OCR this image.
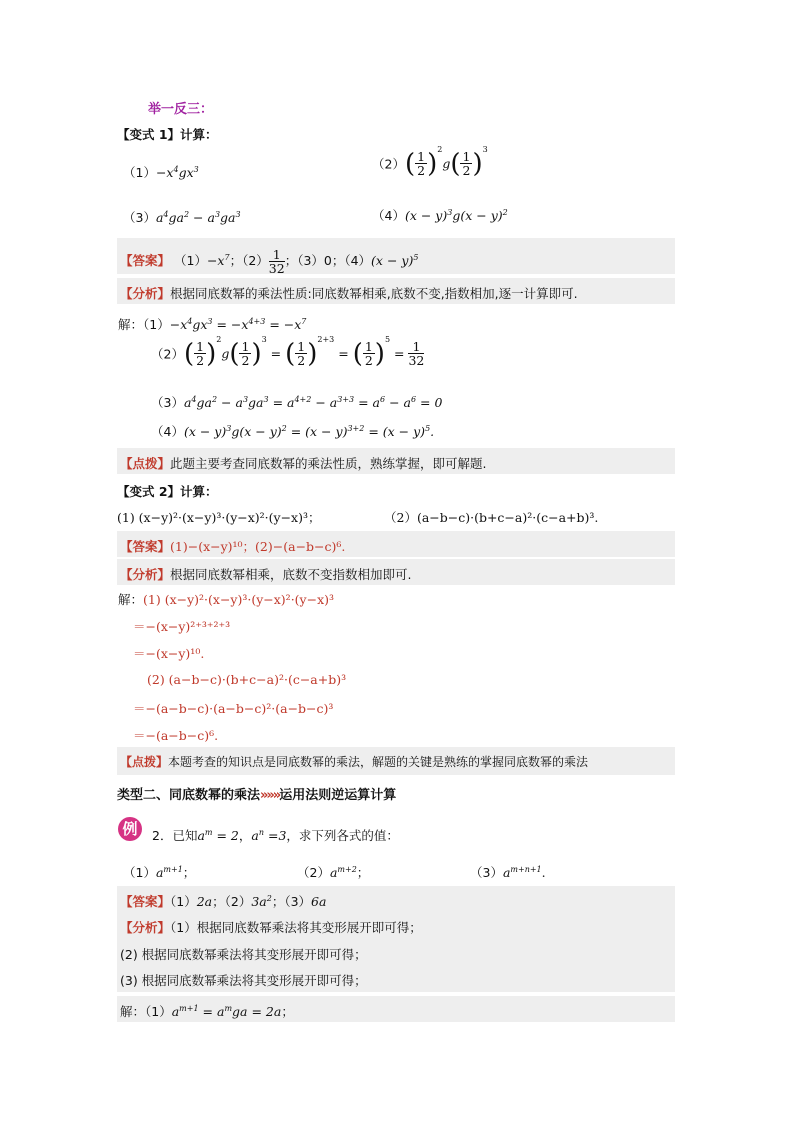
举一反三：
【变式 1】计算：
$(1)-x^4gx^3$	$(2)( \frac{1}{2} )^2g( \frac{1}{2} )^3$
$(3)a^4ga^2 - a^3ga^3$	$(4)(x - y)^3g(x - y)^2$
【答案】 $(1)-x^7$；$(2) \frac{1}{32}$ ；（3）0；$(4)(x - y)^5$
【分析】根据同底数幂的乘法性质:同底数幂相乘,底数不变,指数相加,逐一计算即可.
解：$(1)-x^4gx^3 = -x^{4+3} = -x^7$
$(2)( \frac{1}{2} )^2g( \frac{1}{2} )^3$ = ( $\frac{1}{2} )^{2+3}$ = ( $\frac{1}{2} )^5 = \frac{1}{32}$
$(3)a^4ga^2 - a^3ga^3 = a^{4+2} - a^{3+3} = a^6 - a^6 = 0$
$(4)(x - y)^3g(x - y)^2 = (x - y)^{3+2} = (x - y)^5$.
【点拨】此题主要考查同底数幂的乘法性质，熟练掌握，即可解题.
【变式 2】计算：
(1) (x−y)²·(x−y)³·(y−x)²·(y−x)³；	（2）(a−b−c)·(b+c−a)²·(c−a+b)³.
【答案】(1)−(x−y)¹⁰；(2)−(a−b−c)⁶.
【分析】根据同底数幂相乘，底数不变指数相加即可.
解：(1) (x−y)²·(x−y)³·(y−x)²·(y−x)³
＝−(x−y)²⁺³⁺²⁺³
＝−(x−y)¹⁰.
(2) (a−b−c)·(b+c−a)²·(c−a+b)³
＝−(a−b−c)·(a−b−c)²·(a−b−c)³
＝−(a−b−c)⁶.
【点拨】本题考查的知识点是同底数幂的乘法，解题的关键是熟练的掌握同底数幂的乘法
类型二、同底数幂的乘法»»»运用法则逆运算计算
例	2．已知$a^m = 2$，$a^n =3$，求下列各式的值：
$(1)a^{m+1}$；	$(2)a^{m+2}$；	$(3)a^{m+n+1}$.
【答案】（1）2a；$(2)3a^2$；（3）6a
【分析】（1）根据同底数幂乘法将其变形展开即可得；
(2) 根据同底数幂乘法将其变形展开即可得；
(3) 根据同底数幂乘法将其变形展开即可得；
解：$(1)a^{m+1} = a^mga = 2a$；
